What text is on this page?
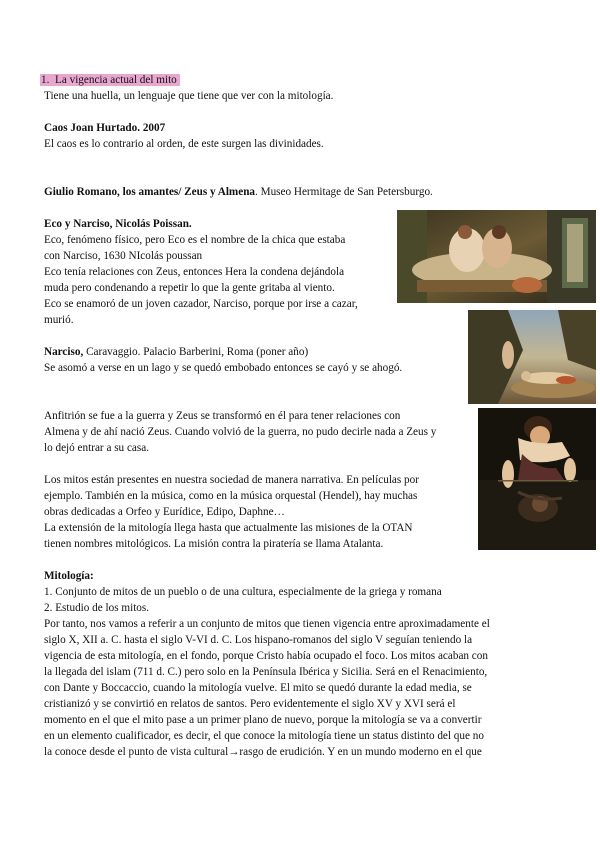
1. La vigencia actual del mito
Tiene una huella, un lenguaje que tiene que ver con la mitología.
Caos Joan Hurtado. 2007
El caos es lo contrario al orden, de este surgen las divinidades.
Giulio Romano, los amantes/ Zeus y Almena. Museo Hermitage de San Petersburgo.
Eco y Narciso, Nicolás Poissan.
Eco, fenómeno físico, pero Eco es el nombre de la chica que estaba
con Narciso, 1630 NIcolás poussan
Eco tenía relaciones con Zeus, entonces Hera la condena dejándola
muda pero condenando a repetir lo que la gente gritaba al viento.
Eco se enamoró de un joven cazador, Narciso, porque por irse a cazar,
murió.
Narciso, Caravaggio. Palacio Barberini, Roma (poner año)
Se asomó a verse en un lago y se quedó embobado entonces se cayó y se ahogó.
Anfitrión se fue a la guerra y Zeus se transformó en él para tener relaciones con
Almena y de ahí nació Zeus. Cuando volvió de la guerra, no pudo decirle nada a Zeus y
lo dejó entrar a su casa.
Los mitos están presentes en nuestra sociedad de manera narrativa. En películas por
ejemplo. También en la música, como en la música orquestal (Hendel), hay muchas
obras dedicadas a Orfeo y Eurídice, Edipo, Daphne…
La extensión de la mitología llega hasta que actualmente las misiones de la OTAN
tienen nombres mitológicos. La misión contra la piratería se llama Atalanta.
Mitología:
1. Conjunto de mitos de un pueblo o de una cultura, especialmente de la griega y romana
2. Estudio de los mitos.
Por tanto, nos vamos a referir a un conjunto de mitos que tienen vigencia entre aproximadamente el
siglo X, XII a. C. hasta el siglo V-VI d. C. Los hispano-romanos del siglo V seguían teniendo la
vigencia de esta mitología, en el fondo, porque Cristo había ocupado el foco. Los mitos acaban con
la llegada del islam (711 d. C.) pero solo en la Península Ibérica y Sicilia. Será en el Renacimiento,
con Dante y Boccaccio, cuando la mitología vuelve. El mito se quedó durante la edad media, se
cristianizó y se convirtió en relatos de santos. Pero evidentemente el siglo XV y XVI será el
momento en el que el mito pase a un primer plano de nuevo, porque la mitología se va a convertir
en un elemento cualificador, es decir, el que conoce la mitología tiene un status distinto del que no
la conoce desde el punto de vista cultural→rasgo de erudición. Y en un mundo moderno en el que
